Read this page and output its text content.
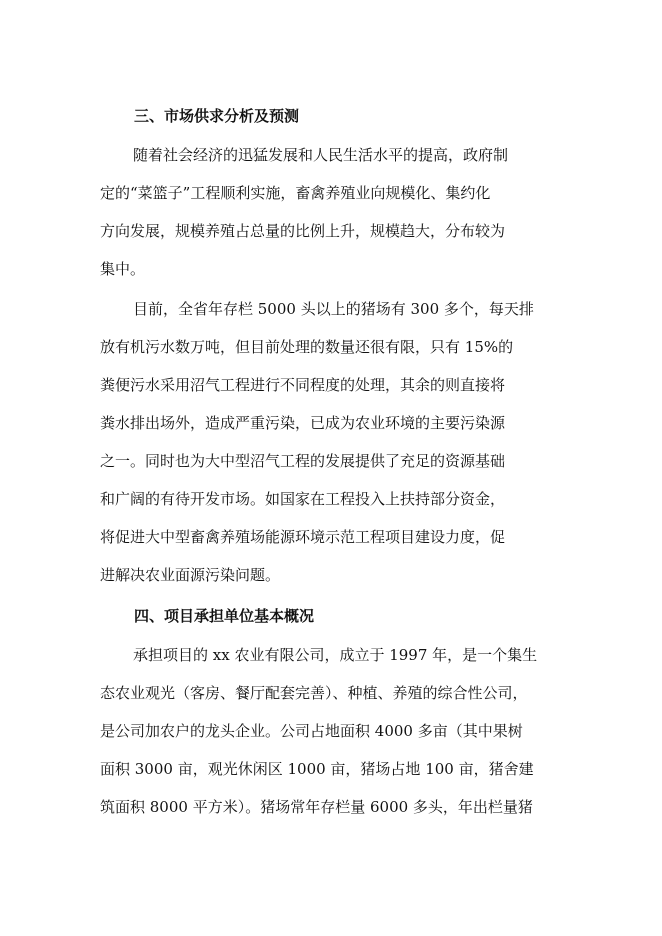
三、市场供求分析及预测
随着社会经济的迅猛发展和人民生活水平的提高，政府制
定的“菜篮子”工程顺利实施，畜禽养殖业向规模化、集约化
方向发展，规模养殖占总量的比例上升，规模趋大，分布较为
集中。
目前，全省年存栏 5000 头以上的猪场有 300 多个，每天排
放有机污水数万吨，但目前处理的数量还很有限，只有 15%的
粪便污水采用沼气工程进行不同程度的处理，其余的则直接将
粪水排出场外，造成严重污染，已成为农业环境的主要污染源
之一。同时也为大中型沼气工程的发展提供了充足的资源基础
和广阔的有待开发市场。如国家在工程投入上扶持部分资金，
将促进大中型畜禽养殖场能源环境示范工程项目建设力度，促
进解决农业面源污染问题。
四、项目承担单位基本概况
承担项目的 xx 农业有限公司，成立于 1997 年，是一个集生
态农业观光（客房、餐厅配套完善）、种植、养殖的综合性公司，
是公司加农户的龙头企业。公司占地面积 4000 多亩（其中果树
面积 3000 亩，观光休闲区 1000 亩，猪场占地 100 亩，猪舍建
筑面积 8000 平方米）。猪场常年存栏量 6000 多头，年出栏量猪
